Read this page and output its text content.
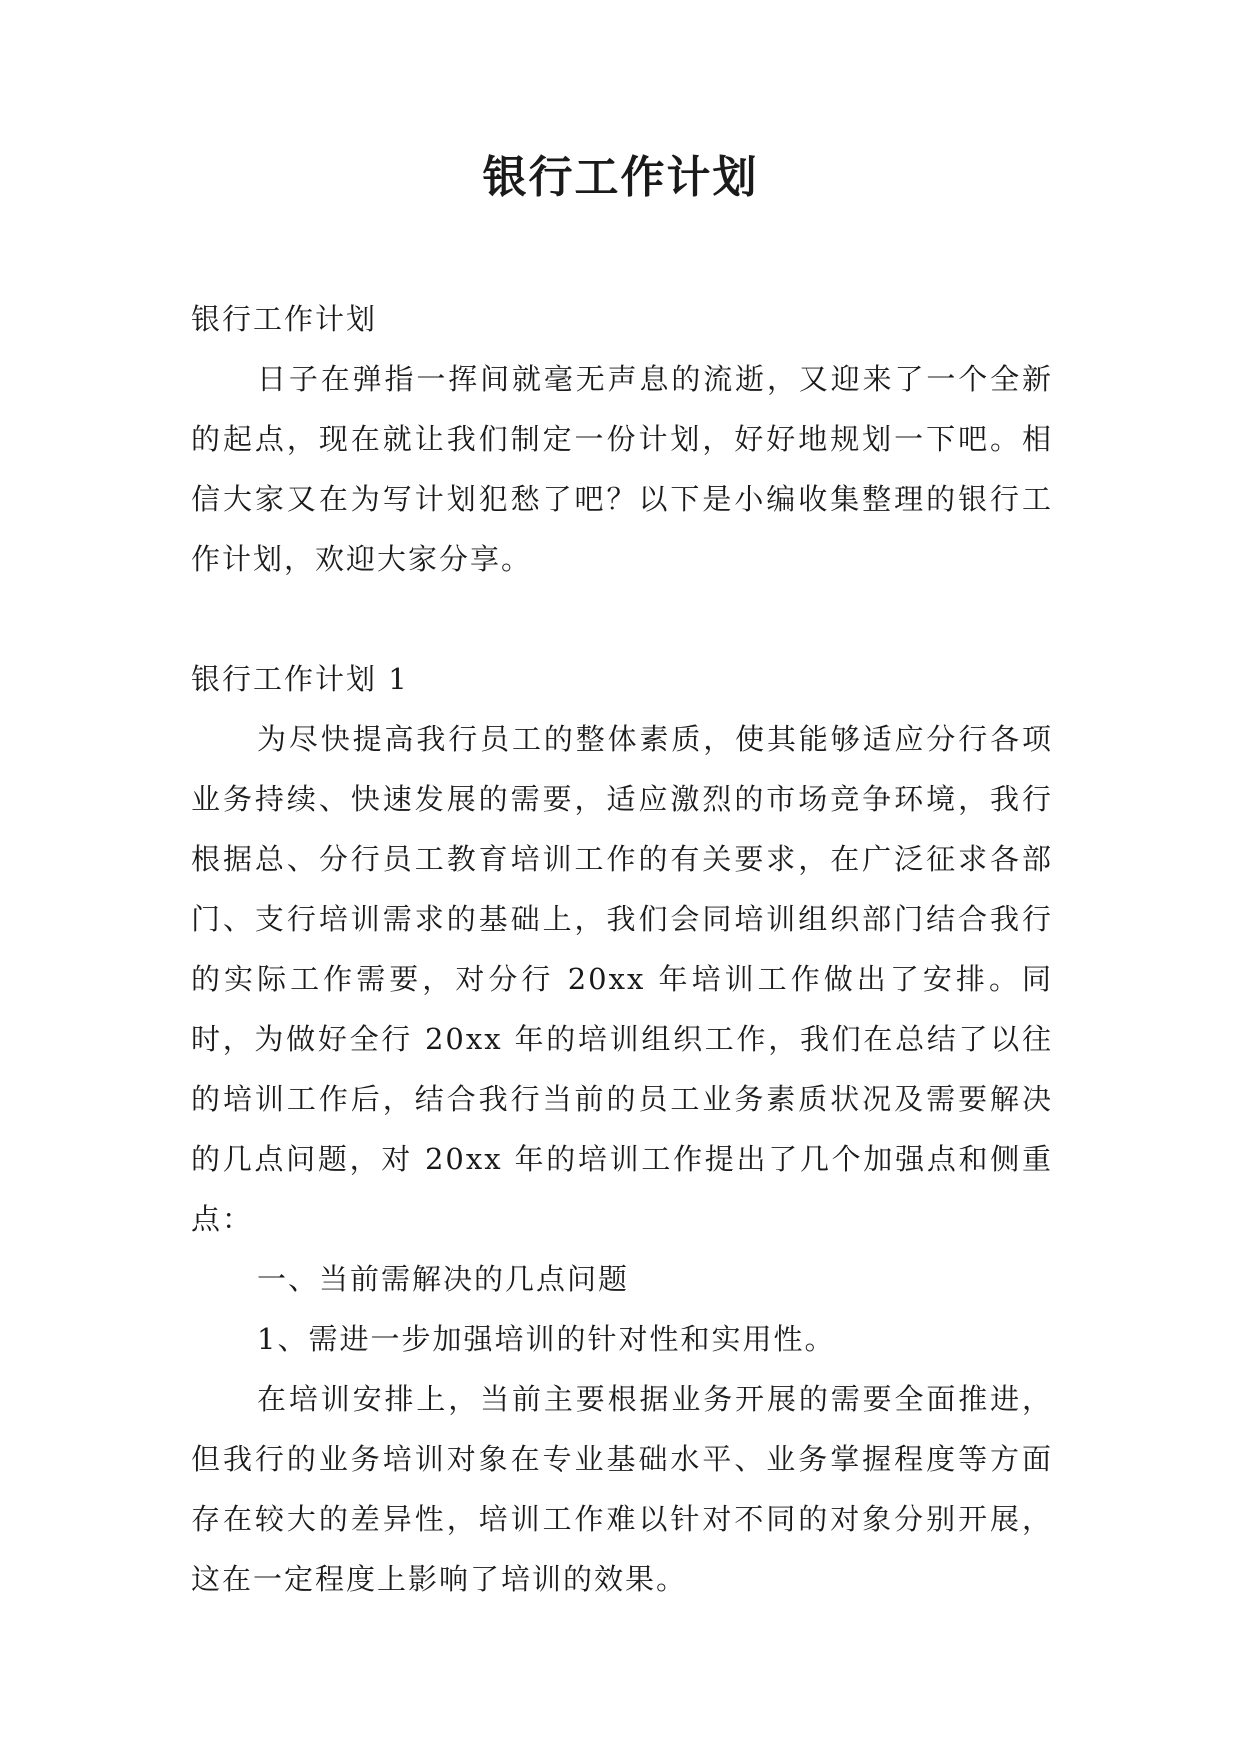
银行工作计划

银行工作计划

日子在弹指一挥间就毫无声息的流逝，又迎来了一个全新的起点，现在就让我们制定一份计划，好好地规划一下吧。相信大家又在为写计划犯愁了吧？以下是小编收集整理的银行工作计划，欢迎大家分享。

银行工作计划 1

为尽快提高我行员工的整体素质，使其能够适应分行各项业务持续、快速发展的需要，适应激烈的市场竞争环境，我行根据总、分行员工教育培训工作的有关要求，在广泛征求各部门、支行培训需求的基础上，我们会同培训组织部门结合我行的实际工作需要，对分行 20xx 年培训工作做出了安排。同时，为做好全行 20xx 年的培训组织工作，我们在总结了以往的培训工作后，结合我行当前的员工业务素质状况及需要解决的几点问题，对 20xx 年的培训工作提出了几个加强点和侧重点：

一、当前需解决的几点问题

1、需进一步加强培训的针对性和实用性。

在培训安排上，当前主要根据业务开展的需要全面推进，但我行的业务培训对象在专业基础水平、业务掌握程度等方面存在较大的差异性，培训工作难以针对不同的对象分别开展，这在一定程度上影响了培训的效果。
